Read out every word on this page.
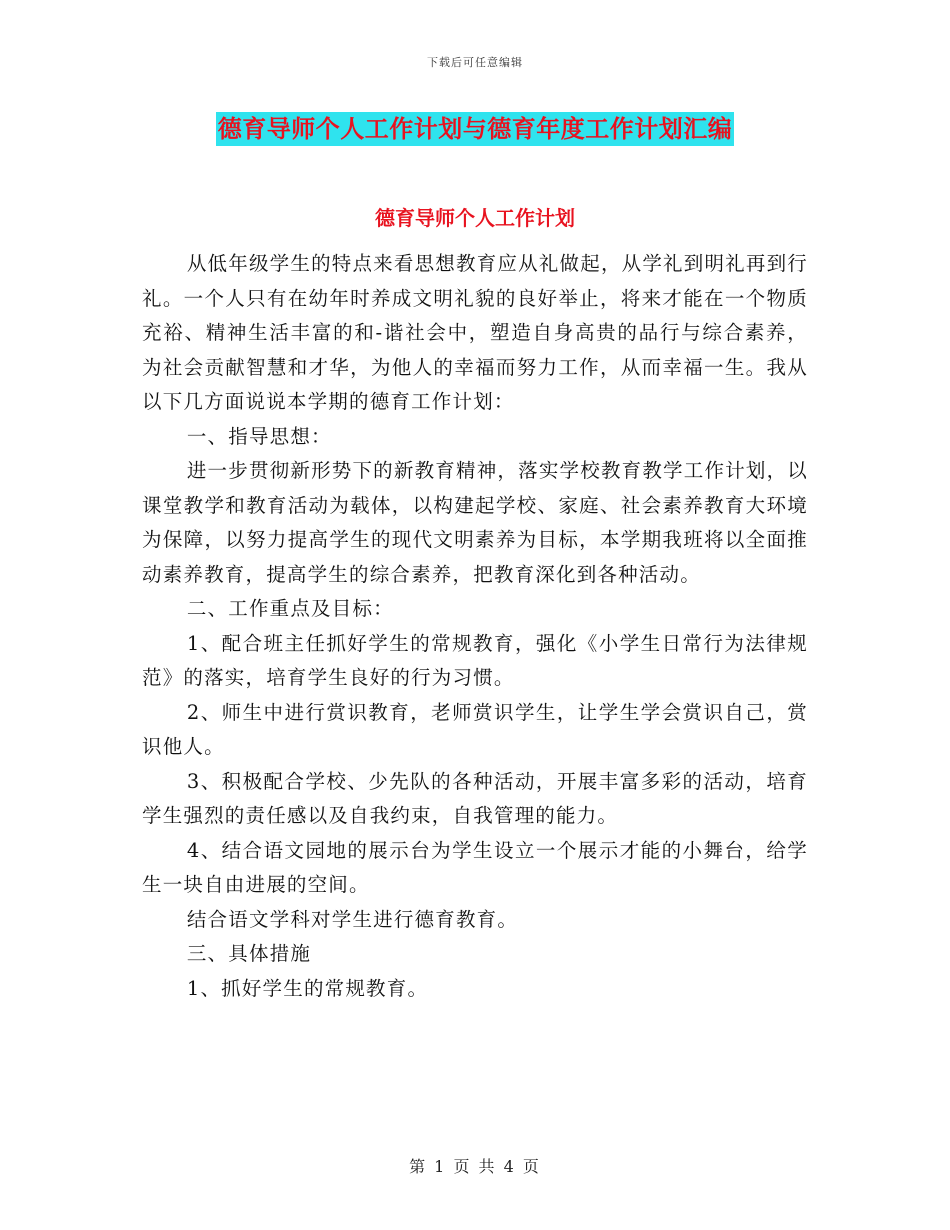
下载后可任意编辑
德育导师个人工作计划与德育年度工作计划汇编
德育导师个人工作计划

从低年级学生的特点来看思想教育应从礼做起，从学礼到明礼再到行礼。一个人只有在幼年时养成文明礼貌的良好举止，将来才能在一个物质充裕、精神生活丰富的和-谐社会中，塑造自身高贵的品行与综合素养，为社会贡献智慧和才华，为他人的幸福而努力工作，从而幸福一生。我从以下几方面说说本学期的德育工作计划：

一、指导思想：

进一步贯彻新形势下的新教育精神，落实学校教育教学工作计划，以课堂教学和教育活动为载体，以构建起学校、家庭、社会素养教育大环境为保障，以努力提高学生的现代文明素养为目标，本学期我班将以全面推动素养教育，提高学生的综合素养，把教育深化到各种活动。

二、工作重点及目标：

1、配合班主任抓好学生的常规教育，强化《小学生日常行为法律规范》的落实，培育学生良好的行为习惯。

2、师生中进行赏识教育，老师赏识学生，让学生学会赏识自己，赏识他人。

3、积极配合学校、少先队的各种活动，开展丰富多彩的活动，培育学生强烈的责任感以及自我约束，自我管理的能力。

4、结合语文园地的展示台为学生设立一个展示才能的小舞台，给学生一块自由进展的空间。

结合语文学科对学生进行德育教育。

三、具体措施

1、抓好学生的常规教育。

第 1 页 共 4 页
